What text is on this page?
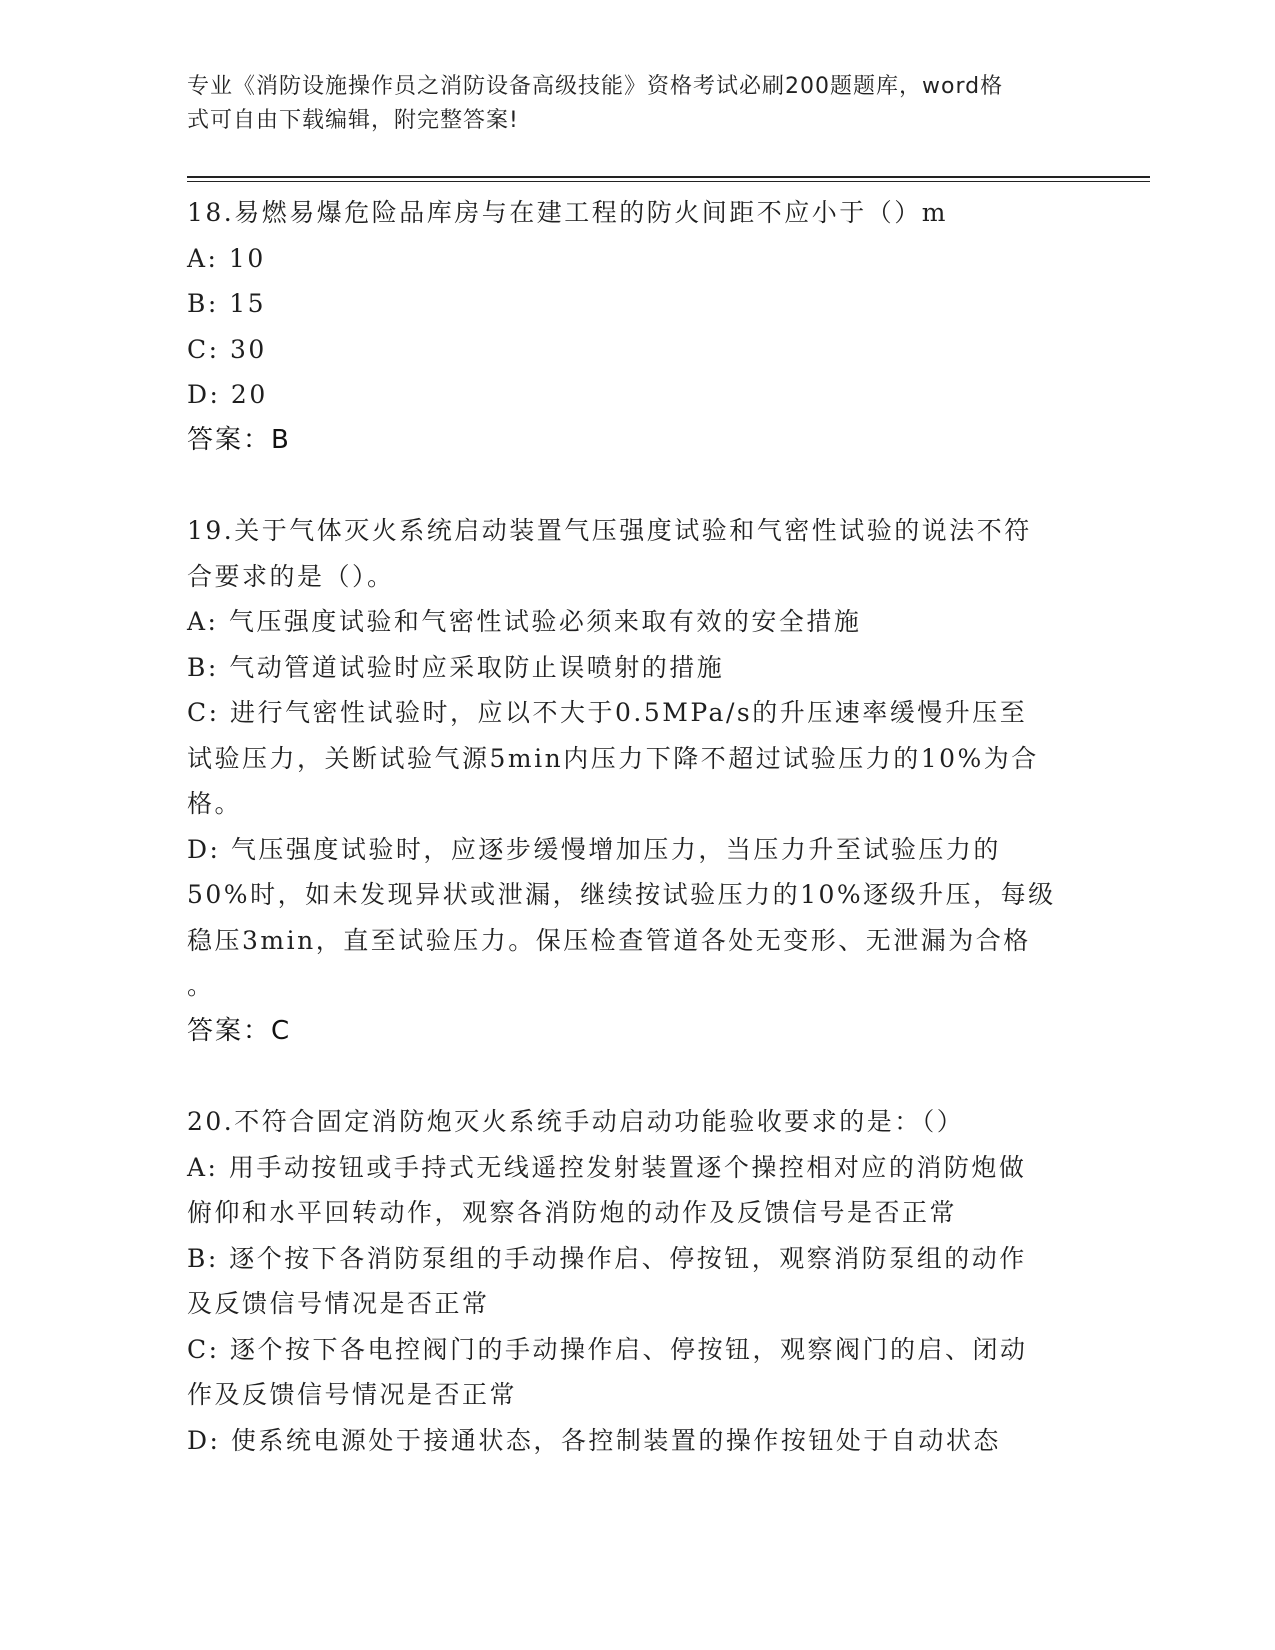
专业《消防设施操作员之消防设备高级技能》资格考试必刷200题题库，word格
式可自由下载编辑，附完整答案!

18.易燃易爆危险品库房与在建工程的防火间距不应小于（）m

A: 10

B: 15

C: 30

D: 20

答案：B

19.关于气体灭火系统启动装置气压强度试验和气密性试验的说法不符

合要求的是（）。

A: 气压强度试验和气密性试验必须来取有效的安全措施

B: 气动管道试验时应采取防止误喷射的措施

C: 进行气密性试验时，应以不大于0.5MPa/s的升压速率缓慢升压至

试验压力，关断试验气源5min内压力下降不超过试验压力的10%为合

格。

D: 气压强度试验时，应逐步缓慢增加压力，当压力升至试验压力的

50%时，如未发现异状或泄漏，继续按试验压力的10%逐级升压，每级

稳压3min，直至试验压力。保压检查管道各处无变形、无泄漏为合格

。

答案：C

20.不符合固定消防炮灭火系统手动启动功能验收要求的是：（）

A: 用手动按钮或手持式无线遥控发射装置逐个操控相对应的消防炮做

俯仰和水平回转动作，观察各消防炮的动作及反馈信号是否正常

B: 逐个按下各消防泵组的手动操作启、停按钮，观察消防泵组的动作

及反馈信号情况是否正常

C: 逐个按下各电控阀门的手动操作启、停按钮，观察阀门的启、闭动

作及反馈信号情况是否正常

D: 使系统电源处于接通状态，各控制装置的操作按钮处于自动状态
